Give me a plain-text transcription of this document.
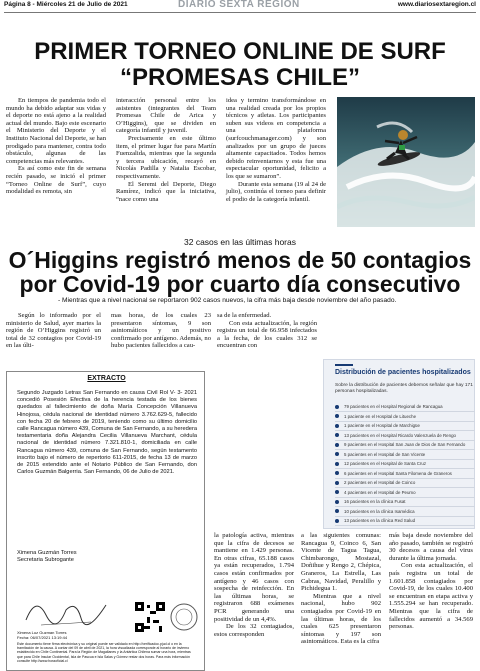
Página 8 - Miércoles 21 de Julio de 2021	DIARIO SEXTA REGIÓN	www.diariosextaregion.cl
PRIMER TORNEO ONLINE DE SURF
“PROMESAS CHILE”

En tiempos de pandemia todo el mundo ha debido adaptar sus vidas y el deporte no está ajeno a la realidad actual del mundo. Bajo este escenario el Ministerio del Deporte y el Instituto Nacional del Deporte, se han prodigado para mantener, contra todo obstáculo, algunas de las competencias más relevantes.

Es así como este fin de semana recién pasado, se inició el primer “Torneo Online de Surf”, cuyo modalidad es remota, sin

interacción personal entre los asistentes (integrantes del Team Promesas Chile de Arica y O’Higgins), que se dividen en categoría infantil y juvenil.

Precisamente en este último item, el primer lugar fue para Martín Fuenzalida, mientras que la segunda y tercera ubicación, recayó en Nicolás Padilla y Natalia Escobar, respectivamente.

El Seremi del Deporte, Diego Ramírez, indicó que la iniciativa, “nace como una

idea y termino transformándose en una realidad creada por los propios técnicos y atletas. Los participantes suben sus videos en competencia a una plataforma (surfcouchmanager.com) y son analizados por un grupo de jueces altamente capacitados. Todos hemos debido reinventarnos y esta fue una espectacular oportunidad, felicito a los que se sumaron”.

Durante esta semana (19 al 24 de julio), continúa el torneo para definir el podio de la categoría infantil.

32 casos en las últimas horas
O´Higgins registró menos de 50 contagios
por Covid-19 por cuarto día consecutivo
- Mientras que a nivel nacional se reportaron 902 casos nuevos, la cifra más baja desde noviembre del año pasado.

Según lo informado por el ministerio de Salud, ayer martes la región de O’Higgins registró un total de 32 contagios por Covid-19 en las últi-

mas horas, de los cuales 23 presentaron síntomas, 9 son asintomáticos y un positivo confirmado por antígeno. Además, no hubo pacientes fallecidos a cau-

sa de la enfermedad.

Con esta actualización, la región registra un total de 66.958 infectados a la fecha, de los cuales 312 se encuentran con

EXTRACTO
Segundo Juzgado Letras San Fernando en causa Civil Rol V- 3- 2021 concedió Posesión Efectiva de la herencia testada de los bienes quedados al fallecimiento de doña María Concepción Villanueva Hinojosa, cédula nacional de identidad número 3.762.629-5, fallecido con fecha 20 de febrero de 2019, teniendo como su último domicilio calle Rancagua número 439, Comuna de San Fernando, a su heredera testamentaria doña Alejandra Cecilia Villanueva Marchant, cédula nacional de identidad número 7.321.810-1, domiciliada en calle Rancagua número 439, comuna de San Fernando, según testamento inscrito bajo el número de repertorio 611-2015, de fecha 13 de marzo de 2015 extendido ante el Notario Público de San Fernando, don Carlos Guzmán Balgerria. San Fernando, 06 de Julio de 2021.
Ximena Guzmán Torres
Secretaria Subrogante
Ximena Luz Guzman Torres
Fecha: 06/07/2021 13:19:44
Este documento tiene firma electrónica y su original puede ser validado en http://verificadoc.pjud.cl o en la tramitación de la causa. A contar del 09 de abril de 2021, la hora visualizada corresponde al horario de invierno establecido en Chile Continental. Para la Región de Magallanes y la Antártica Chilena sumar una hora, mientras que para Chile Insular Occidental, Isla de Pascua e Isla Salas y Gómez restar dos horas. Para más información consulte http://www.horaoficial.cl

la patología activa, mientras que la cifra de decesos se mantiene en 1.429 personas. En otras cifras, 65.188 casos ya están recuperados, 1.794 casos están confirmados por antígeno y 46 casos con sospecha de reinfección. En las últimas horas, se registraron 688 exámenes PCR generando una positividad de un 4,4%.

De los 32 contagiados, estos corresponden

a las siguientes comunas: Rancagua 9, Coinco 6, San Vicente de Tagua Tagua, Chimbarongo, Mostazal, Doñihue y Rengo 2, Chépica, Graneros, La Estrella, Las Cabras, Navidad, Peralillo y Pichidegua 1.

Mientras que a nivel nacional, hubo 902 contagiados por Covid-19 en las últimas horas, de los cuales 625 presentaron síntomas y 197 son asintomáticos. Esta es la cifra

más baja desde noviembre del año pasado, también se registró 30 decesos a causa del virus durante la última jornada.

Con esta actualización, el país registra un total de 1.601.858 contagiados por Covid-19, de los cuales 10.400 se encuentran en etapa activa y 1.555.294 se han recuperado. Mientras que la cifra de fallecidos aumentó a 34.569 personas.

Distribución de pacientes hospitalizados
Sobre la distribución de pacientes debemos señalar que hay 171 personas hospitalizadas.
79 pacientes en el Hospital Regional de Rancagua
1 paciente en el Hospital de Litueche
1 paciente en el Hospital de Marchigüe
13 pacientes en el Hospital Ricardo Valenzuela de Rengo
9 pacientes en el Hospital San Juan de Dios de San Fernando
5 pacientes en el Hospital de San Vicente
12 pacientes en el Hospital de Santa Cruz
6 pacientes en el Hospital Santa Filomena de Graneros
2 pacientes en el Hospital de Coinco
4 pacientes en el Hospital de Peumo
16 pacientes en la clínica Fusat
10 pacientes en la clínica Isamédica
13 pacientes en la clínica Red Salud
